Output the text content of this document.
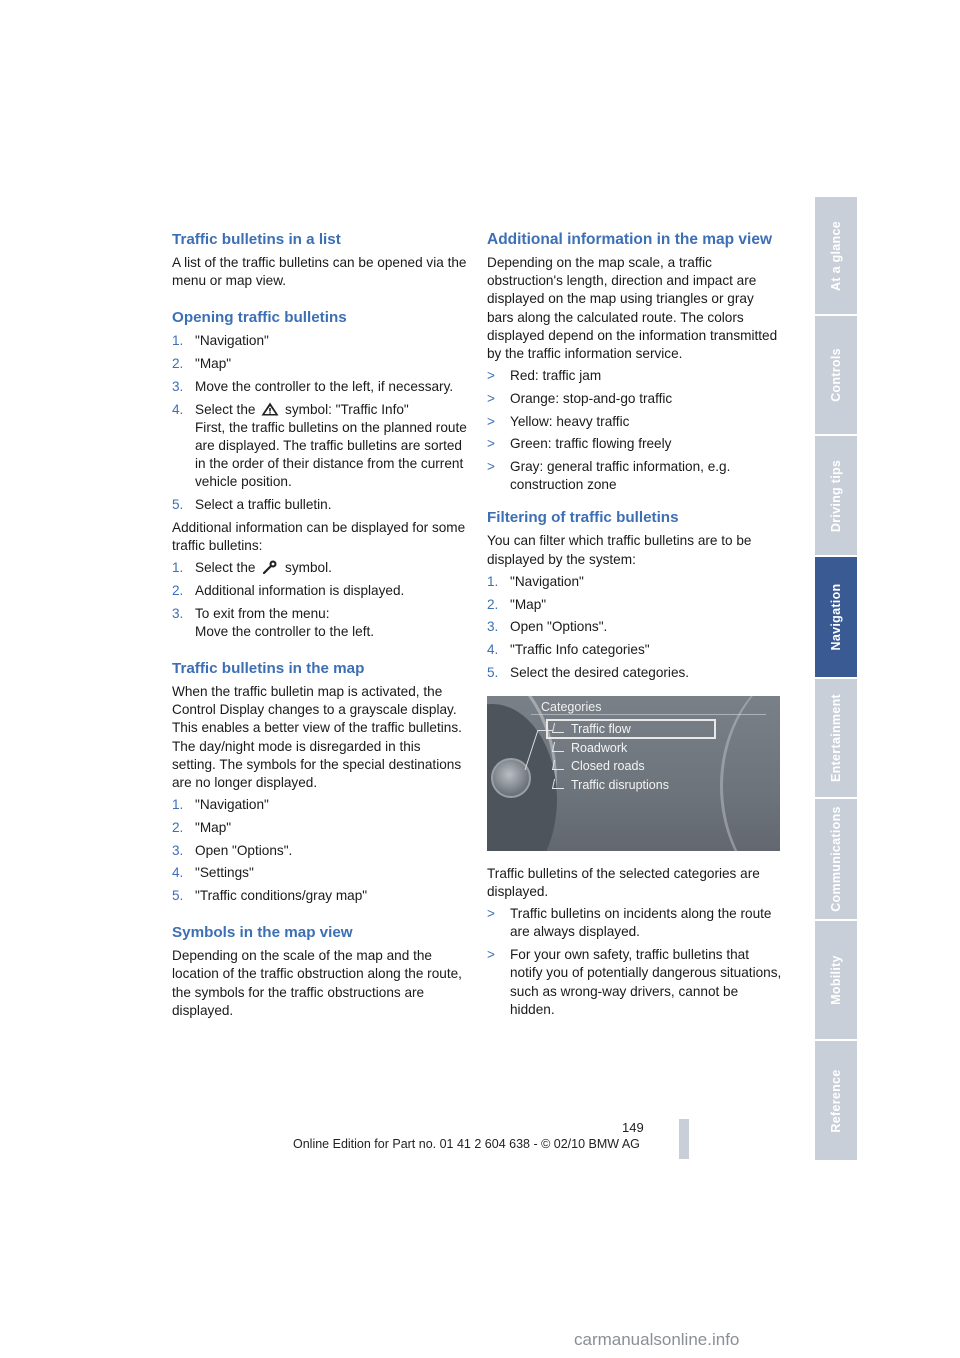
Traffic bulletins in a list

A list of the traffic bulletins can be opened via the menu or map view.

Opening traffic bulletins
1. "Navigation"
2. "Map"
3. Move the controller to the left, if necessary.
4. Select the symbol: "Traffic Info"
First, the traffic bulletins on the planned route are displayed. The traffic bulletins are sorted in the order of their distance from the current vehicle position.
5. Select a traffic bulletin.

Additional information can be displayed for some traffic bulletins:

1. Select the symbol.
2. Additional information is displayed.
3. To exit from the menu:
Move the controller to the left.
Traffic bulletins in the map

When the traffic bulletin map is activated, the Control Display changes to a grayscale display. This enables a better view of the traffic bulletins. The day/night mode is disregarded in this setting. The symbols for the special destinations are no longer displayed.

1. "Navigation"
2. "Map"
3. Open "Options".
4. "Settings"
5. "Traffic conditions/gray map"
Symbols in the map view

Depending on the scale of the map and the location of the traffic obstruction along the route, the symbols for the traffic obstructions are displayed.

Additional information in the map view

Depending on the map scale, a traffic obstruction's length, direction and impact are displayed on the map using triangles or gray bars along the calculated route. The colors displayed depend on the information transmitted by the traffic information service.

> Red: traffic jam
> Orange: stop-and-go traffic
> Yellow: heavy traffic
> Green: traffic flowing freely
> Gray: general traffic information, e.g. construction zone
Filtering of traffic bulletins

You can filter which traffic bulletins are to be displayed by the system:

1. "Navigation"
2. "Map"
3. Open "Options".
4. "Traffic Info categories"
5. Select the desired categories.
Categories
Traffic flow
Roadwork
Closed roads
Traffic disruptions

Traffic bulletins of the selected categories are displayed.

> Traffic bulletins on incidents along the route are always displayed.
> For your own safety, traffic bulletins that notify you of potentially dangerous situations, such as wrong-way drivers, cannot be hidden.
At a glance
Controls
Driving tips
Navigation
Entertainment
Communications
Mobility
Reference
149
Online Edition for Part no. 01 41 2 604 638 - © 02/10 BMW AG
carmanualsonline.info
